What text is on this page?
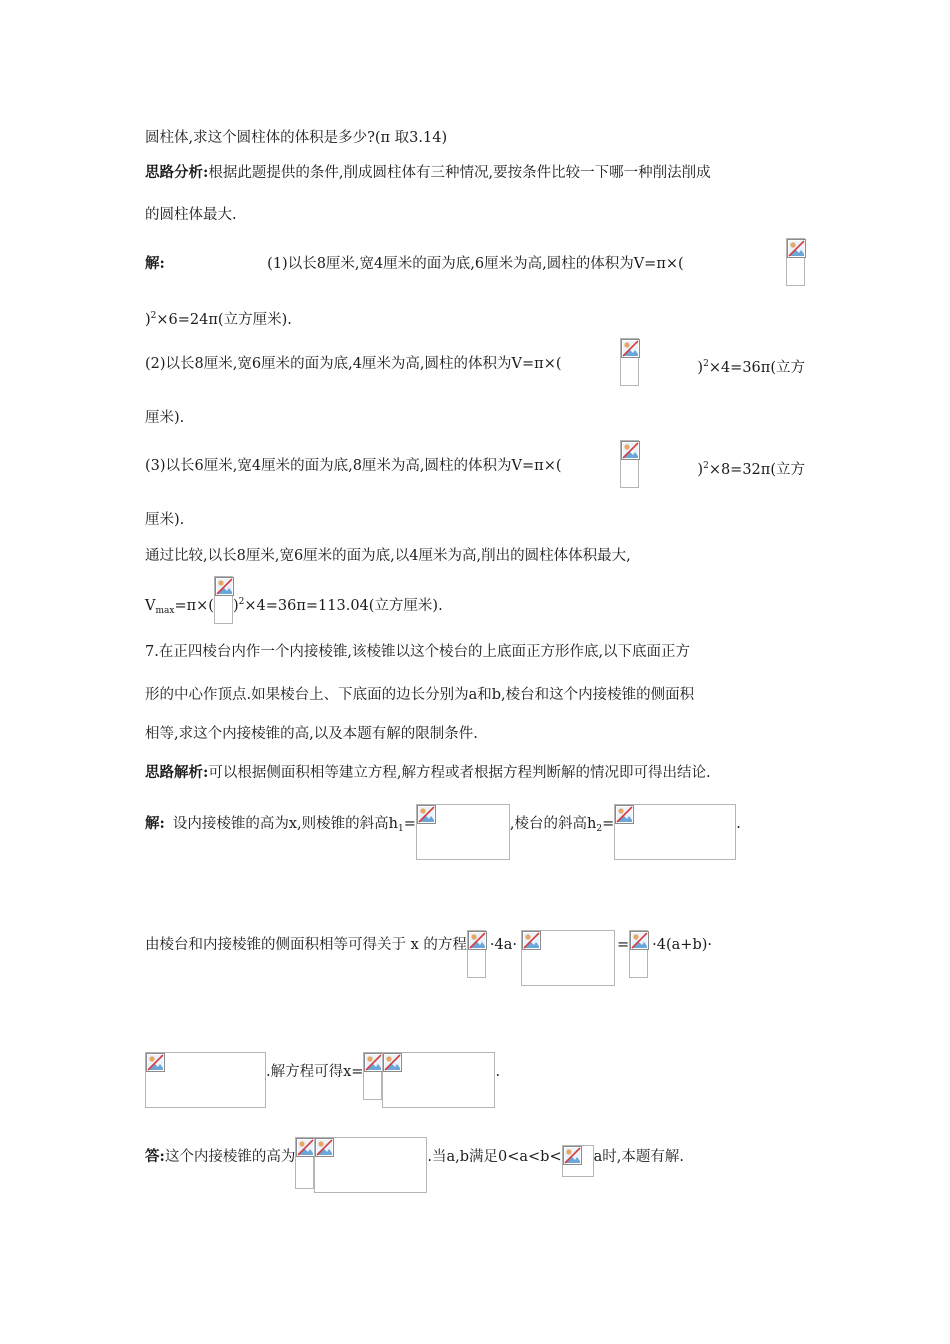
圆柱体,求这个圆柱体的体积是多少?(π 取3.14)
思路分析:根据此题提供的条件,削成圆柱体有三种情况,要按条件比较一下哪一种削法削成
的圆柱体最大.
解:	(1)以长8厘米,宽4厘米的面为底,6厘米为高,圆柱的体积为V=π×(
)$^2$×6=24π(立方厘米).
(2)以长8厘米,宽6厘米的面为底,4厘米为高,圆柱的体积为V=π×(	)$^2$×4=36π(立方
厘米).
(3)以长6厘米,宽4厘米的面为底,8厘米为高,圆柱的体积为V=π×(	)$^2$×8=32π(立方
厘米).
通过比较,以长8厘米,宽6厘米的面为底,以4厘米为高,削出的圆柱体体积最大,
$V_{max}=\pi\times$( )$^2$×4=36π=113.04(立方厘米).
7.在正四棱台内作一个内接棱锥,该棱锥以这个棱台的上底面正方形作底,以下底面正方
形的中心作顶点.如果棱台上、下底面的边长分别为a和b,棱台和这个内接棱锥的侧面积
相等,求这个内接棱锥的高,以及本题有解的限制条件.
思路解析:可以根据侧面积相等建立方程,解方程或者根据方程判断解的情况即可得出结论.
解: 设内接棱锥的高为x,则棱锥的斜高$h_1=$	,棱台的斜高$h_2=$	.
由棱台和内接棱锥的侧面积相等可得关于 x 的方程 ·4a·	= ·4(a+b)·
.解方程可得x=	.
答:这个内接棱锥的高为	.当a,b满足0<a<b< a时,本题有解.
